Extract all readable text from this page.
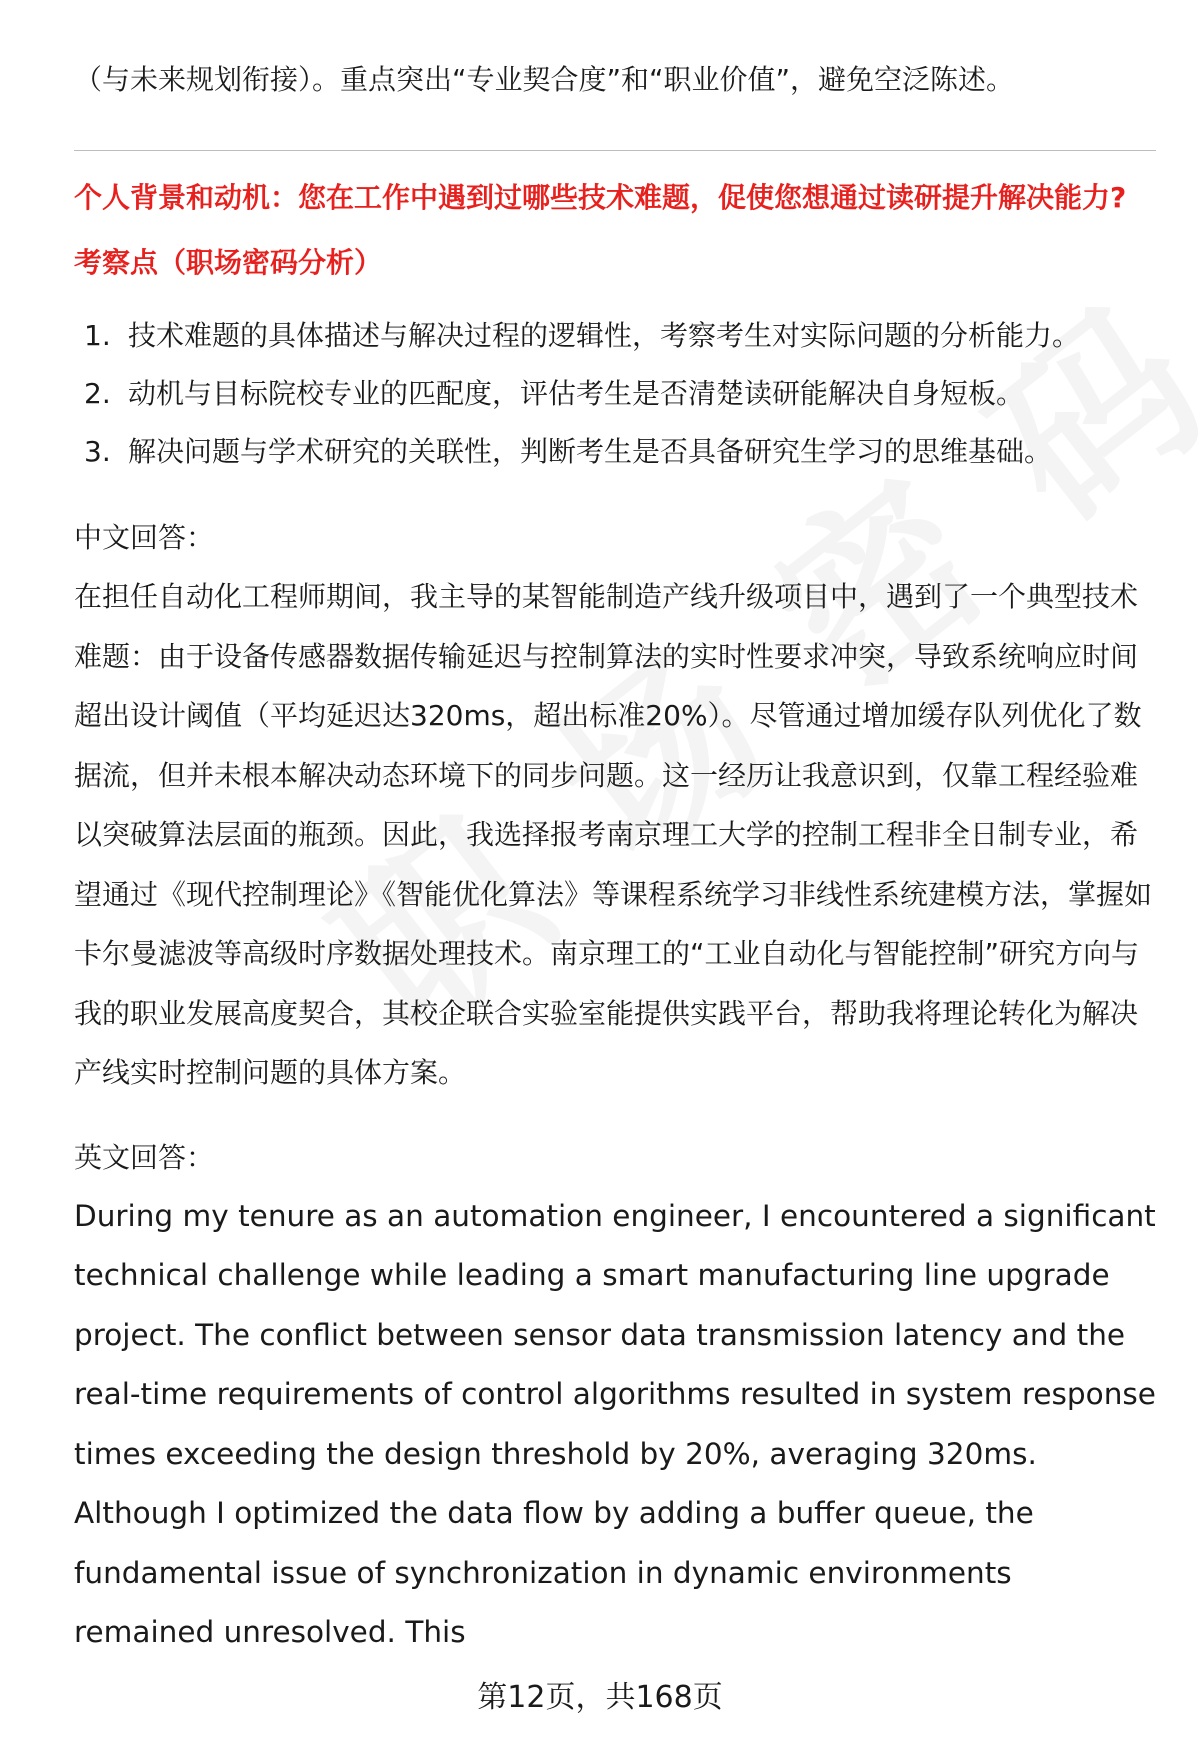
（与未来规划衔接）。重点突出“专业契合度”和“职业价值”，避免空泛陈述。

个人背景和动机：您在工作中遇到过哪些技术难题，促使您想通过读研提升解决能力?
考察点（职场密码分析）
1. 技术难题的具体描述与解决过程的逻辑性，考察考生对实际问题的分析能力。
2. 动机与目标院校专业的匹配度，评估考生是否清楚读研能解决自身短板。
3. 解决问题与学术研究的关联性，判断考生是否具备研究生学习的思维基础。

中文回答：

在担任自动化工程师期间，我主导的某智能制造产线升级项目中，遇到了一个典型技术难题：由于设备传感器数据传输延迟与控制算法的实时性要求冲突，导致系统响应时间超出设计阈值（平均延迟达320ms，超出标准20%）。尽管通过增加缓存队列优化了数据流，但并未根本解决动态环境下的同步问题。这一经历让我意识到，仅靠工程经验难以突破算法层面的瓶颈。因此，我选择报考南京理工大学的控制工程非全日制专业，希望通过《现代控制理论》《智能优化算法》等课程系统学习非线性系统建模方法，掌握如卡尔曼滤波等高级时序数据处理技术。南京理工的“工业自动化与智能控制”研究方向与我的职业发展高度契合，其校企联合实验室能提供实践平台，帮助我将理论转化为解决产线实时控制问题的具体方案。

英文回答：

During my tenure as an automation engineer, I encountered a significant technical challenge while leading a smart manufacturing line upgrade project. The conflict between sensor data transmission latency and the real-time requirements of control algorithms resulted in system response times exceeding the design threshold by 20%, averaging 320ms. Although I optimized the data flow by adding a buffer queue, the fundamental issue of synchronization in dynamic environments remained unresolved. This

第12页，共168页
